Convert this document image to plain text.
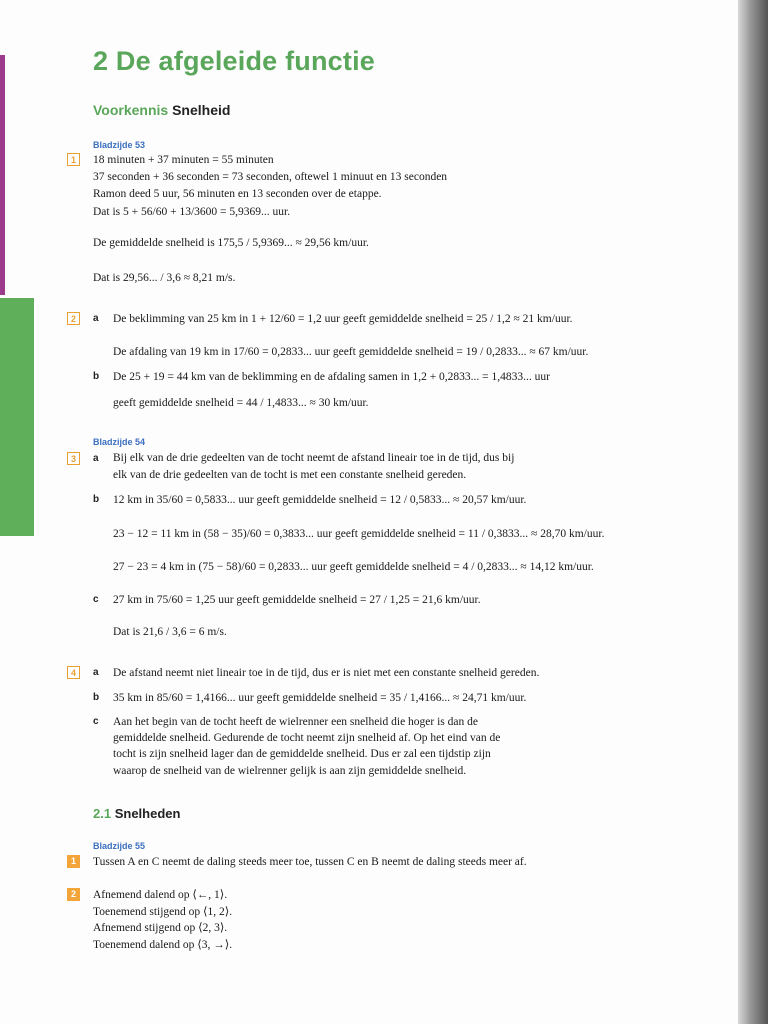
2 De afgeleide functie
Voorkennis Snelheid
Bladzijde 53
1	18 minuten + 37 minuten = 55 minuten
37 seconden + 36 seconden = 73 seconden, oftewel 1 minuut en 13 seconden
Ramon deed 5 uur, 56 minuten en 13 seconden over de etappe.
Dat is 5 + 56/60 + 13/3600 = 5,9369... uur.
De gemiddelde snelheid is 175,5 / 5,9369... ≈ 29,56 km/uur.
Dat is 29,56... / 3,6 ≈ 8,21 m/s.
2	a De beklimming van 25 km in 1 + 12/60 = 1,2 uur geeft gemiddelde snelheid = 25 / 1,2 ≈ 21 km/uur.
De afdaling van 19 km in 17/60 = 0,2833... uur geeft gemiddelde snelheid = 19 / 0,2833... ≈ 67 km/uur.
b De 25 + 19 = 44 km van de beklimming en de afdaling samen in 1,2 + 0,2833... = 1,4833... uur
geeft gemiddelde snelheid = 44 / 1,4833... ≈ 30 km/uur.
Bladzijde 54
3	a Bij elk van de drie gedeelten van de tocht neemt de afstand lineair toe in de tijd, dus bij
elk van de drie gedeelten van de tocht is met een constante snelheid gereden.
b 12 km in 35/60 = 0,5833... uur geeft gemiddelde snelheid = 12 / 0,5833... ≈ 20,57 km/uur.
23 − 12 = 11 km in (58 − 35)/60 = 0,3833... uur geeft gemiddelde snelheid = 11 / 0,3833... ≈ 28,70 km/uur.
27 − 23 = 4 km in (75 − 58)/60 = 0,2833... uur geeft gemiddelde snelheid = 4 / 0,2833... ≈ 14,12 km/uur.
c 27 km in 75/60 = 1,25 uur geeft gemiddelde snelheid = 27 / 1,25 = 21,6 km/uur.
Dat is 21,6 / 3,6 = 6 m/s.
4	a De afstand neemt niet lineair toe in de tijd, dus er is niet met een constante snelheid gereden.
b 35 km in 85/60 = 1,4166... uur geeft gemiddelde snelheid = 35 / 1,4166... ≈ 24,71 km/uur.
c Aan het begin van de tocht heeft de wielrenner een snelheid die hoger is dan de
gemiddelde snelheid. Gedurende de tocht neemt zijn snelheid af. Op het eind van de
tocht is zijn snelheid lager dan de gemiddelde snelheid. Dus er zal een tijdstip zijn
waarop de snelheid van de wielrenner gelijk is aan zijn gemiddelde snelheid.
2.1 Snelheden
Bladzijde 55
1	Tussen A en C neemt de daling steeds meer toe, tussen C en B neemt de daling steeds meer af.
2	Afnemend dalend op ⟨←, 1⟩.
Toenemend stijgend op ⟨1, 2⟩.
Afnemend stijgend op ⟨2, 3⟩.
Toenemend dalend op ⟨3, →⟩.
